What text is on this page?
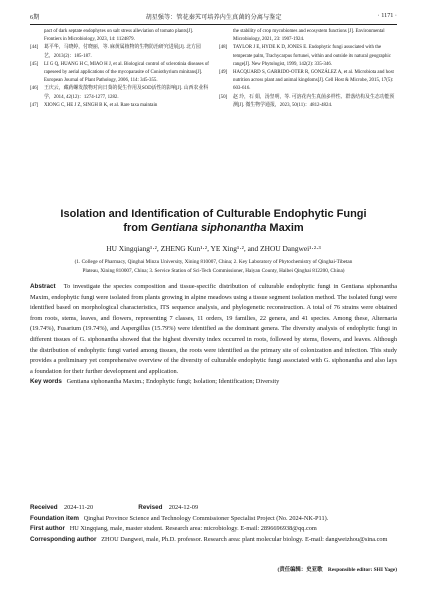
6期	胡星强等：管花秦艽可培养内生真菌的分离与鉴定	· 1171 ·
pact of dark septate endophytes on salt stress alleviation of tomato plants[J]. Frontiers in Microbiology, 2023, 14: 1124879.
[44]	葛平华，马晓婷，付晓丽，等. 麻黄属植物的生物防治研究进展[J]. 北方园艺，2013(2)：185-187.
[45]	LI G Q, HUANG H C, MIAO H J, et al. Biological control of sclerotinia diseases of rapeseed by aerial applications of the mycoparasite of Coniothyrium minitans[J]. European Journal of Plant Pathology, 2006, 114: 345-355.
[46]	王庆云，藏药螺发散物对向日葵的促生作用及SOD活性的影响[J]. 山西农业科学，2014, 42(12)：1274-1277, 1282.
[47]	XIONG C, HE J Z, SINGH B K, et al. Rare taxa maintain
the stability of crop mycobiomes and ecosystem functions [J]. Environmental Microbiology, 2021, 23: 1907-1924.
[48]	TAYLOR J E, HYDE K D, JONES E. Endophytic fungi associated with the temperate palm, Trachycarpus fortunei, within and outside its natural geographic range[J]. New Phytologist, 1999, 142(2): 335-346.
[49]	HACQUARD S, GARRIDO-OTER R, GONZÁLEZ A, et al. Microbiota and host nutrition across plant and animal kingdoms[J]. Cell Host & Microbe, 2015, 17(5): 603-616.
[50]	赵 玲，石 娟，汤坚明，等. 可溶花内生真菌多样性、群落结构及生态功能预测[J]. 微生物学通报，2023, 50(11)：4812-4824.
Isolation and Identification of Culturable Endophytic Fungi
from Gentiana siphonantha Maxim
HU Xingqiang¹·², ZHENG Kun¹·², YE Xing¹·², and ZHOU Dangwei¹·²·³
(1. College of Pharmacy, Qinghai Minzu University, Xining 810007, China; 2. Key Laboratory of Phytochemistry of Qinghai-Tibetan
Plateau, Xining 810007, China; 3. Service Station of Sci-Tech Commissioner, Haiyan County, Haibei Qinghai 812200, China)
Abstract To investigate the species composition and tissue-specific distribution of culturable endophytic fungi in Gentiana siphonantha Maxim, endophytic fungi were isolated from plants growing in alpine meadows using a tissue segment isolation method. The isolated fungi were identified based on morphological characteristics, ITS sequence analysis, and phylogenetic reconstruction. A total of 76 strains were obtained from roots, stems, leaves, and flowers, representing 7 classes, 11 orders, 19 families, 22 genera, and 41 species. Among these, Alternaria (19.74%), Fusarium (19.74%), and Aspergillus (15.79%) were identified as the dominant genera. The diversity analysis of endophytic fungi in different tissues of G. siphonantha showed that the highest diversity index occurred in roots, followed by stems, flowers, and leaves. Although the distribution of endophytic fungi varied among tissues, the roots were identified as the primary site of colonization and infection. This study provides a preliminary yet comprehensive overview of the diversity of culturable endophytic fungi associated with G. siphonantha and also lays a foundation for their further development and application.
Key words Gentiana siphonantha Maxim.; Endophytic fungi; Isolation; Identification; Diversity
Received 2024-11-20	Revised 2024-12-09
Foundation item Qinghai Province Science and Technology Commissioner Specialist Project (No. 2024-NK-P11).
First author HU Xingqiang, male, master student. Research area: microbiology. E-mail: 2896696938@qq.com
Corresponding author ZHOU Dangwei, male, Ph.D. professor. Research area: plant molecular biology. E-mail: dangweizhou@sina.com
(责任编辑：史亚歌　Responsible editor: SHI Yage)
